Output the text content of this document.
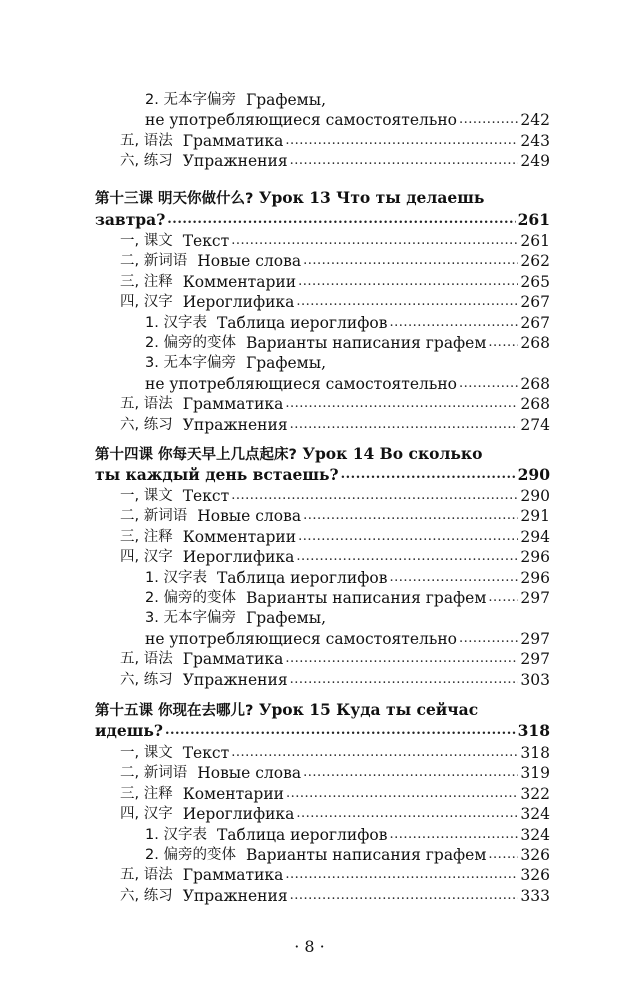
2. 无本字偏旁 Графемы,
не употребляющиеся самостоятельно .....	242
五, 语法 Грамматика .....	243
六, 练习 Упражнения .....	249
第十三课 明天你做什么? Урок 13 Что ты делаешь
завтра? .....	261
一, 课文 Текст .....	261
二, 新词语 Новые слова .....	262
三, 注释 Комментарии .....	265
四, 汉字 Иероглифика .....	267
1. 汉字表 Таблица иероглифов .....	267
2. 偏旁的变体 Варианты написания графем ..... 268
3. 无本字偏旁 Графемы,
не употребляющиеся самостоятельно .....	268
五, 语法 Грамматика .....	268
六, 练习 Упражнения .....	274
第十四课 你每天早上几点起床? Урок 14 Во сколько
ты каждый день встаешь? .....	290
一, 课文 Текст .....	290
二, 新词语 Новые слова .....	291
三, 注释 Комментарии .....	294
四, 汉字 Иероглифика .....	296
1. 汉字表 Таблица иероглифов .....	296
2. 偏旁的变体 Варианты написания графем ..... 297
3. 无本字偏旁 Графемы,
не употребляющиеся самостоятельно .....	297
五, 语法 Грамматика .....	297
六, 练习 Упражнения .....	303
第十五课 你现在去哪儿? Урок 15 Куда ты сейчас
идешь? .....	318
一, 课文 Текст .....	318
二, 新词语 Новые слова .....	319
三, 注释 Коментарии .....	322
四, 汉字 Иероглифика .....	324
1. 汉字表 Таблица иероглифов .....	324
2. 偏旁的变体 Варианты написания графем ..... 326
五, 语法 Грамматика .....	326
六, 练习 Упражнения .....	333
· 8 ·
